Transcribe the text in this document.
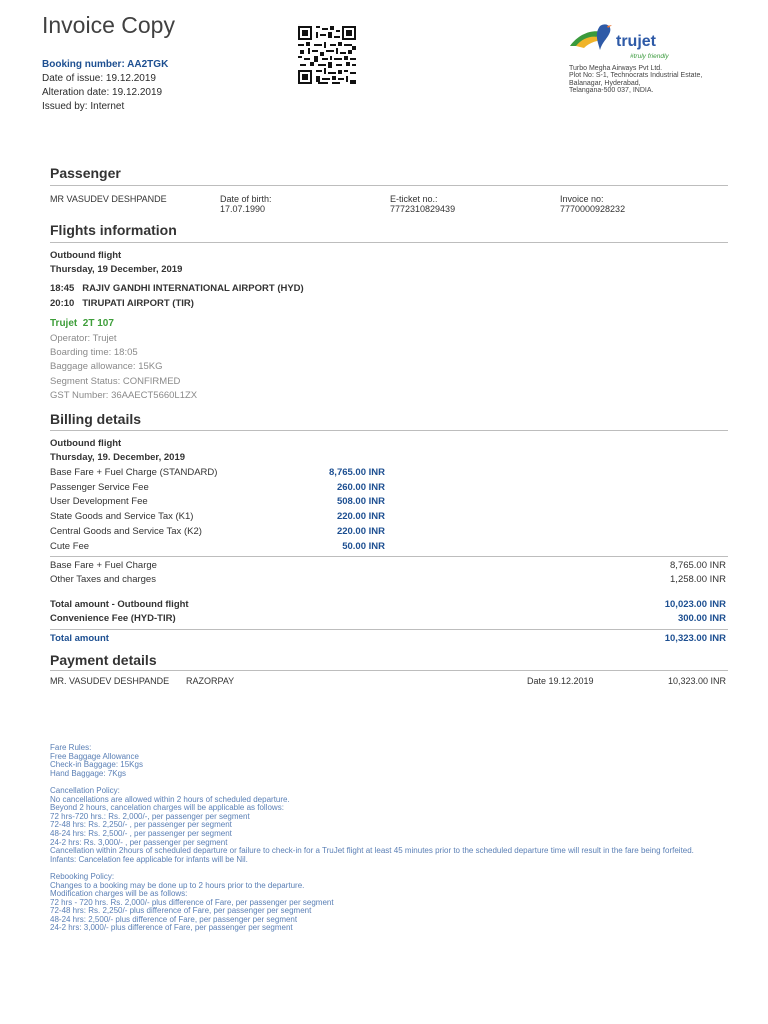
Invoice Copy
Booking number: AA2TGK
Date of issue: 19.12.2019
Alteration date: 19.12.2019
Issued by: Internet
trujet
#truly friendly
Turbo Megha Airways Pvt Ltd.
Plot No: S-1, Technocrats Industrial Estate,
Balanagar, Hyderabad,
Telangana-500 037, INDIA.
Passenger
MR VASUDEV DESHPANDE	Date of birth:
17.07.1990
E-ticket no.:
7772310829439
Invoice no:
7770000928232
Flights information
Outbound flight
Thursday, 19 December, 2019
18:45   RAJIV GANDHI INTERNATIONAL AIRPORT (HYD)
20:10   TIRUPATI AIRPORT (TIR)
Trujet  2T 107
Operator: Trujet
Boarding time: 18:05
Baggage allowance: 15KG
Segment Status: CONFIRMED
GST Number: 36AAECT5660L1ZX
Billing details
Outbound flight
Thursday, 19. December, 2019
Base Fare + Fuel Charge (STANDARD)	8,765.00 INR
Passenger Service Fee	260.00 INR
User Development Fee	508.00 INR
State Goods and Service Tax (K1)	220.00 INR
Central Goods and Service Tax (K2)	220.00 INR
Cute Fee	50.00 INR
Base Fare + Fuel Charge	8,765.00 INR
Other Taxes and charges	1,258.00 INR
Total amount - Outbound flight	10,023.00 INR
Convenience Fee (HYD-TIR)	300.00 INR
Total amount	10,323.00 INR
Payment details
MR. VASUDEV DESHPANDE RAZORPAY	Date 19.12.2019	10,323.00 INR

Fare Rules:

Free Baggage Allowance

Check-in Baggage: 15Kgs

Hand Baggage: 7Kgs

Cancellation Policy:

No cancellations are allowed within 2 hours of scheduled departure.

Beyond 2 hours, cancelation charges will be applicable as follows:

72 hrs-720 hrs.: Rs. 2,000/-, per passenger per segment

72-48 hrs: Rs. 2,250/- , per passenger per segment

48-24 hrs: Rs. 2,500/- , per passenger per segment

24-2 hrs: Rs. 3,000/- , per passenger per segment

Cancellation within 2hours of scheduled departure or failure to check-in for a TruJet flight at least 45 minutes prior to the scheduled departure time will result in the fare being forfeited.

Infants: Cancelation fee applicable for infants will be Nil.

Rebooking Policy:

Changes to a booking may be done up to 2 hours prior to the departure.

Modification charges will be as follows:

72 hrs - 720 hrs. Rs. 2,000/- plus difference of Fare, per passenger per segment

72-48 hrs: Rs. 2,250/- plus difference of Fare, per passenger per segment

48-24 hrs: 2,500/- plus difference of Fare, per passenger per segment

24-2 hrs: 3,000/- plus difference of Fare, per passenger per segment
